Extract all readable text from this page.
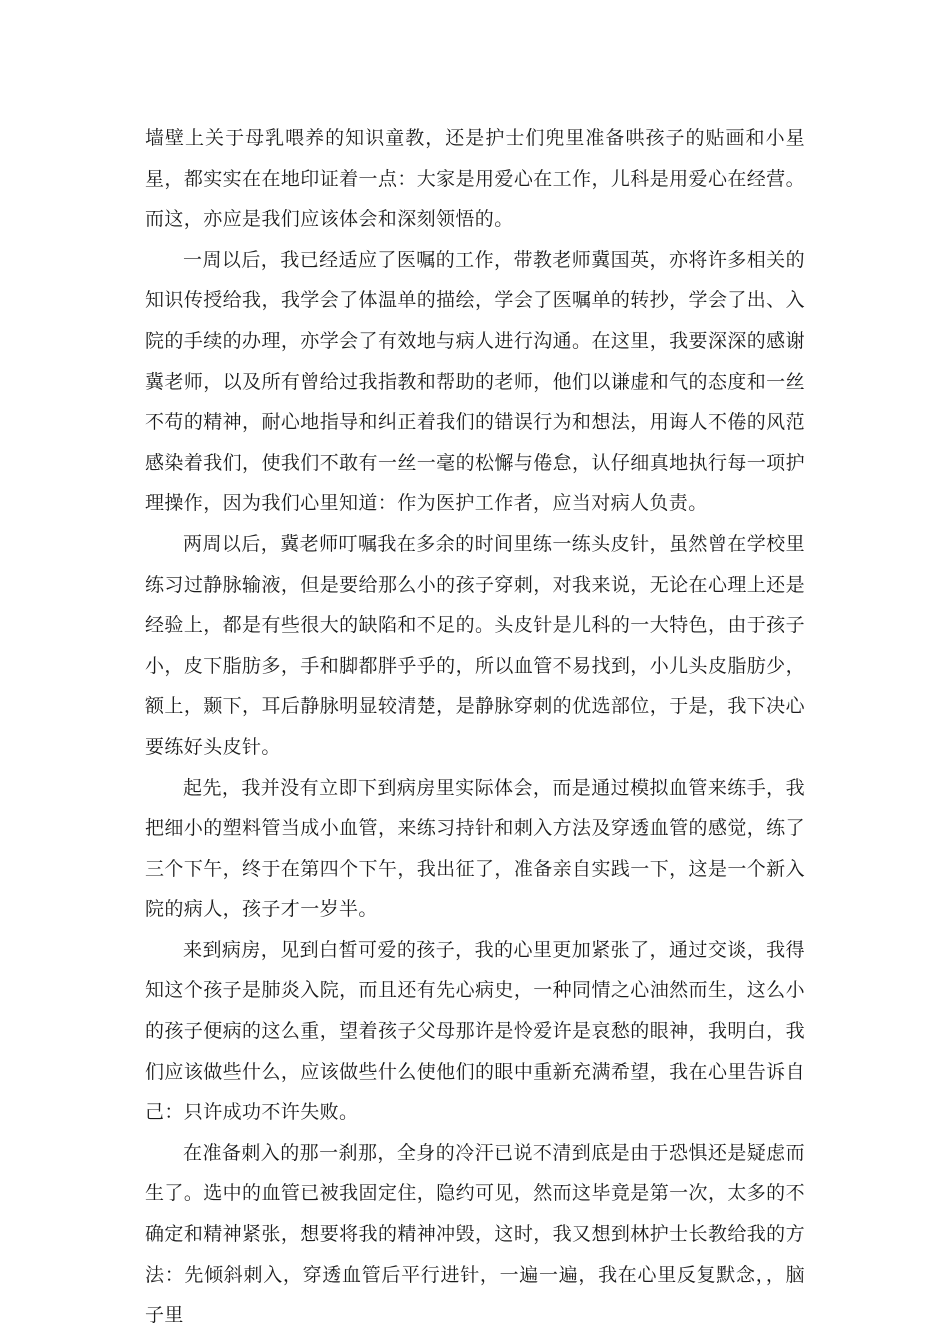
墙壁上关于母乳喂养的知识童教，还是护士们兜里准备哄孩子的贴画和小星星，都实实在在地印证着一点：大家是用爱心在工作，儿科是用爱心在经营。而这，亦应是我们应该体会和深刻领悟的。

一周以后，我已经适应了医嘱的工作，带教老师冀国英，亦将许多相关的知识传授给我，我学会了体温单的描绘，学会了医嘱单的转抄，学会了出、入院的手续的办理，亦学会了有效地与病人进行沟通。在这里，我要深深的感谢冀老师，以及所有曾给过我指教和帮助的老师，他们以谦虚和气的态度和一丝不苟的精神，耐心地指导和纠正着我们的错误行为和想法，用诲人不倦的风范感染着我们，使我们不敢有一丝一毫的松懈与倦怠，认仔细真地执行每一项护理操作，因为我们心里知道：作为医护工作者，应当对病人负责。

两周以后，冀老师叮嘱我在多余的时间里练一练头皮针，虽然曾在学校里练习过静脉输液，但是要给那么小的孩子穿刺，对我来说，无论在心理上还是经验上，都是有些很大的缺陷和不足的。头皮针是儿科的一大特色，由于孩子小，皮下脂肪多，手和脚都胖乎乎的，所以血管不易找到，小儿头皮脂肪少，额上，颞下，耳后静脉明显较清楚，是静脉穿刺的优选部位，于是，我下决心要练好头皮针。

起先，我并没有立即下到病房里实际体会，而是通过模拟血管来练手，我把细小的塑料管当成小血管，来练习持针和刺入方法及穿透血管的感觉，练了三个下午，终于在第四个下午，我出征了，准备亲自实践一下，这是一个新入院的病人，孩子才一岁半。

来到病房，见到白皙可爱的孩子，我的心里更加紧张了，通过交谈，我得知这个孩子是肺炎入院，而且还有先心病史，一种同情之心油然而生，这么小的孩子便病的这么重，望着孩子父母那许是怜爱许是哀愁的眼神，我明白，我们应该做些什么，应该做些什么使他们的眼中重新充满希望，我在心里告诉自己：只许成功不许失败。

在准备刺入的那一刹那，全身的冷汗已说不清到底是由于恐惧还是疑虑而生了。选中的血管已被我固定住，隐约可见，然而这毕竟是第一次，太多的不确定和精神紧张，想要将我的精神冲毁，这时，我又想到林护士长教给我的方法：先倾斜刺入，穿透血管后平行进针，一遍一遍，我在心里反复默念，，脑子里
